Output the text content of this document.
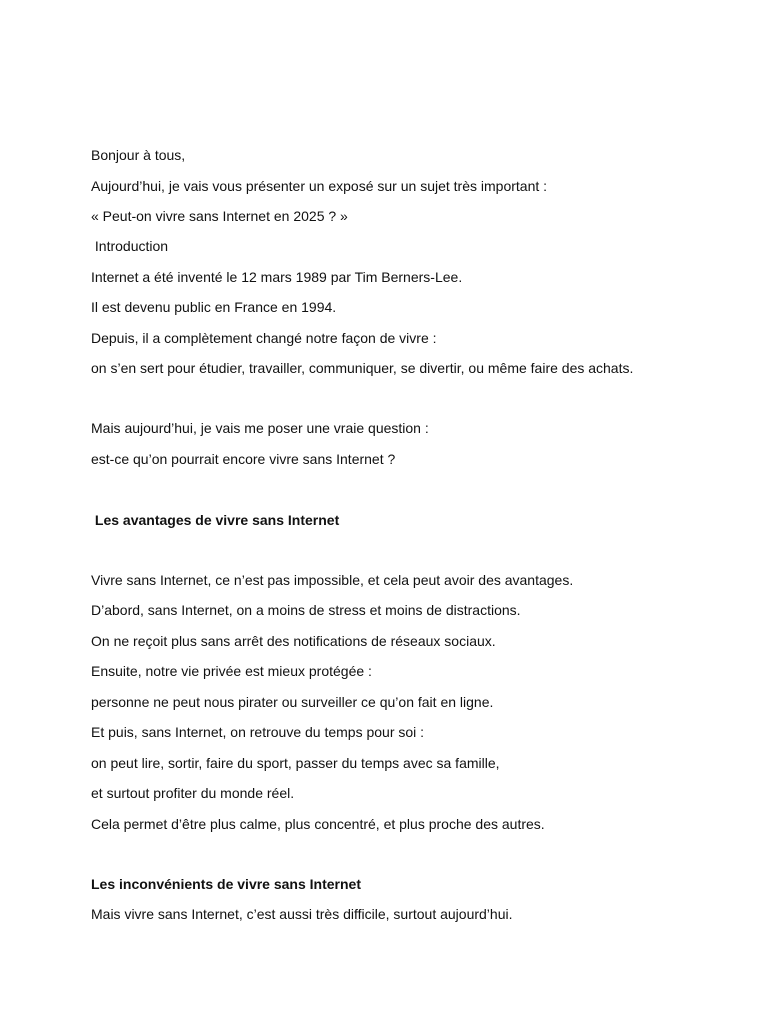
Bonjour à tous,
Aujourd’hui, je vais vous présenter un exposé sur un sujet très important :
« Peut-on vivre sans Internet en 2025 ? »
Introduction
Internet a été inventé le 12 mars 1989 par Tim Berners-Lee.
Il est devenu public en France en 1994.
Depuis, il a complètement changé notre façon de vivre :
on s’en sert pour étudier, travailler, communiquer, se divertir, ou même faire des achats.
Mais aujourd’hui, je vais me poser une vraie question :
est-ce qu’on pourrait encore vivre sans Internet ?
Les avantages de vivre sans Internet
Vivre sans Internet, ce n’est pas impossible, et cela peut avoir des avantages.
D’abord, sans Internet, on a moins de stress et moins de distractions.
On ne reçoit plus sans arrêt des notifications de réseaux sociaux.
Ensuite, notre vie privée est mieux protégée :
personne ne peut nous pirater ou surveiller ce qu’on fait en ligne.
Et puis, sans Internet, on retrouve du temps pour soi :
on peut lire, sortir, faire du sport, passer du temps avec sa famille,
et surtout profiter du monde réel.
Cela permet d’être plus calme, plus concentré, et plus proche des autres.
Les inconvénients de vivre sans Internet
Mais vivre sans Internet, c’est aussi très difficile, surtout aujourd’hui.
